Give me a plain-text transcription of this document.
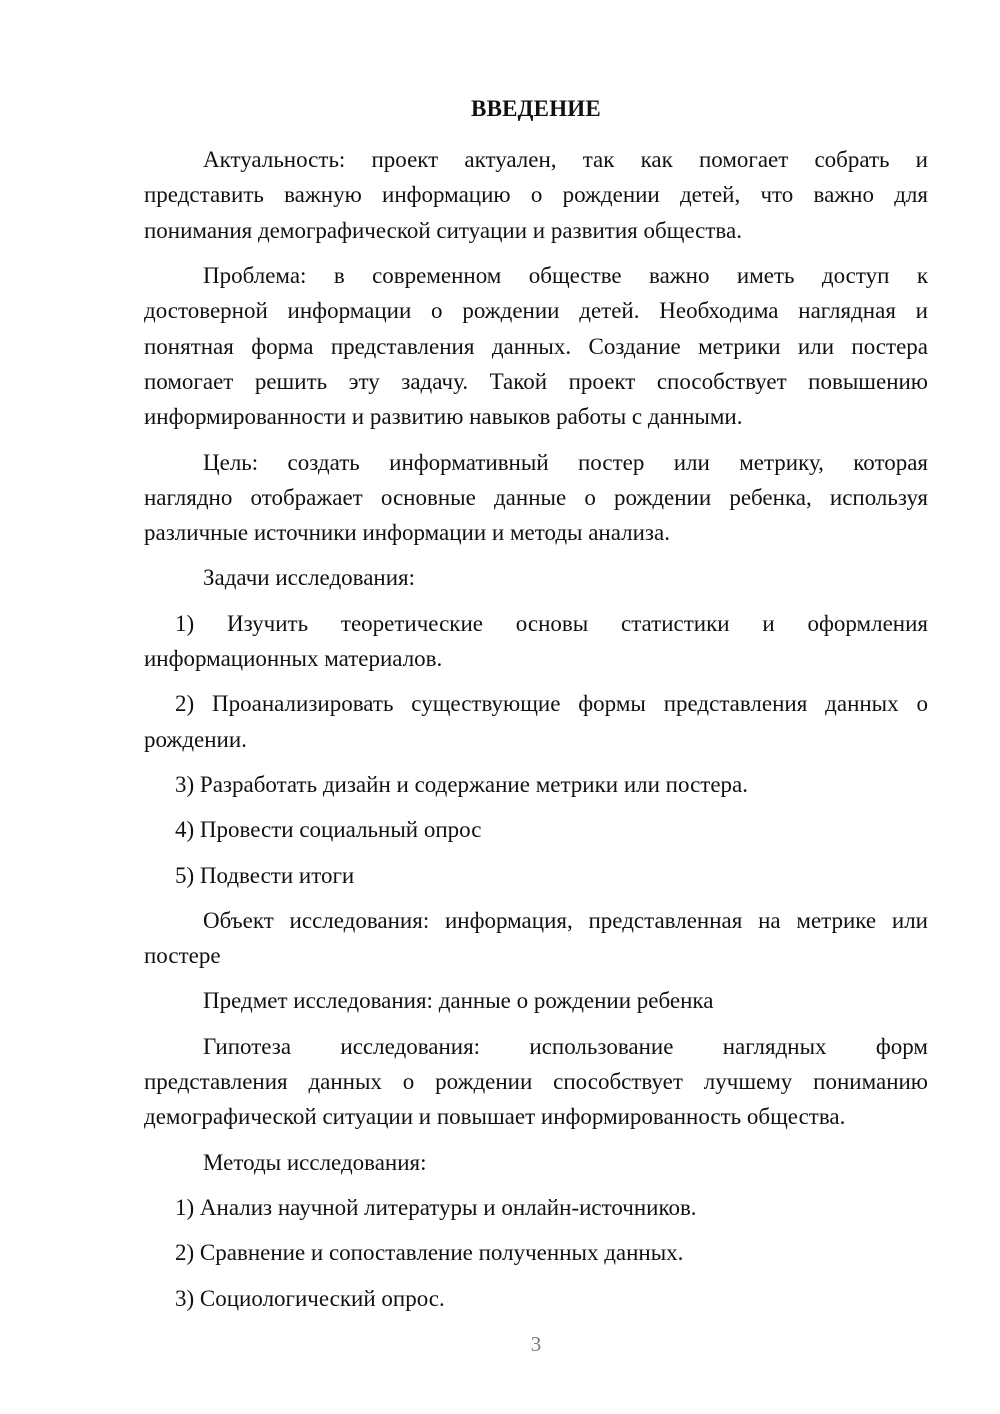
ВВЕДЕНИЕ
Актуальность: проект актуален, так как помогает собрать и
представить важную информацию о рождении детей, что важно для
понимания демографической ситуации и развития общества.
Проблема: в современном обществе важно иметь доступ к
достоверной информации о рождении детей. Необходима наглядная и
понятная форма представления данных. Создание метрики или постера
помогает решить эту задачу. Такой проект способствует повышению
информированности и развитию навыков работы с данными.
Цель: создать информативный постер или метрику, которая
наглядно отображает основные данные о рождении ребенка, используя
различные источники информации и методы анализа.
Задачи исследования:
1) Изучить теоретические основы статистики и оформления
информационных материалов.
2) Проанализировать существующие формы представления данных о
рождении.
3) Разработать дизайн и содержание метрики или постера.
4) Провести социальный опрос
5) Подвести итоги
Объект исследования: информация, представленная на метрике или
постере
Предмет исследования: данные о рождении ребенка
Гипотеза исследования: использование наглядных форм
представления данных о рождении способствует лучшему пониманию
демографической ситуации и повышает информированность общества.
Методы исследования:
1) Анализ научной литературы и онлайн-источников.
2) Сравнение и сопоставление полученных данных.
3) Социологический опрос.
3
